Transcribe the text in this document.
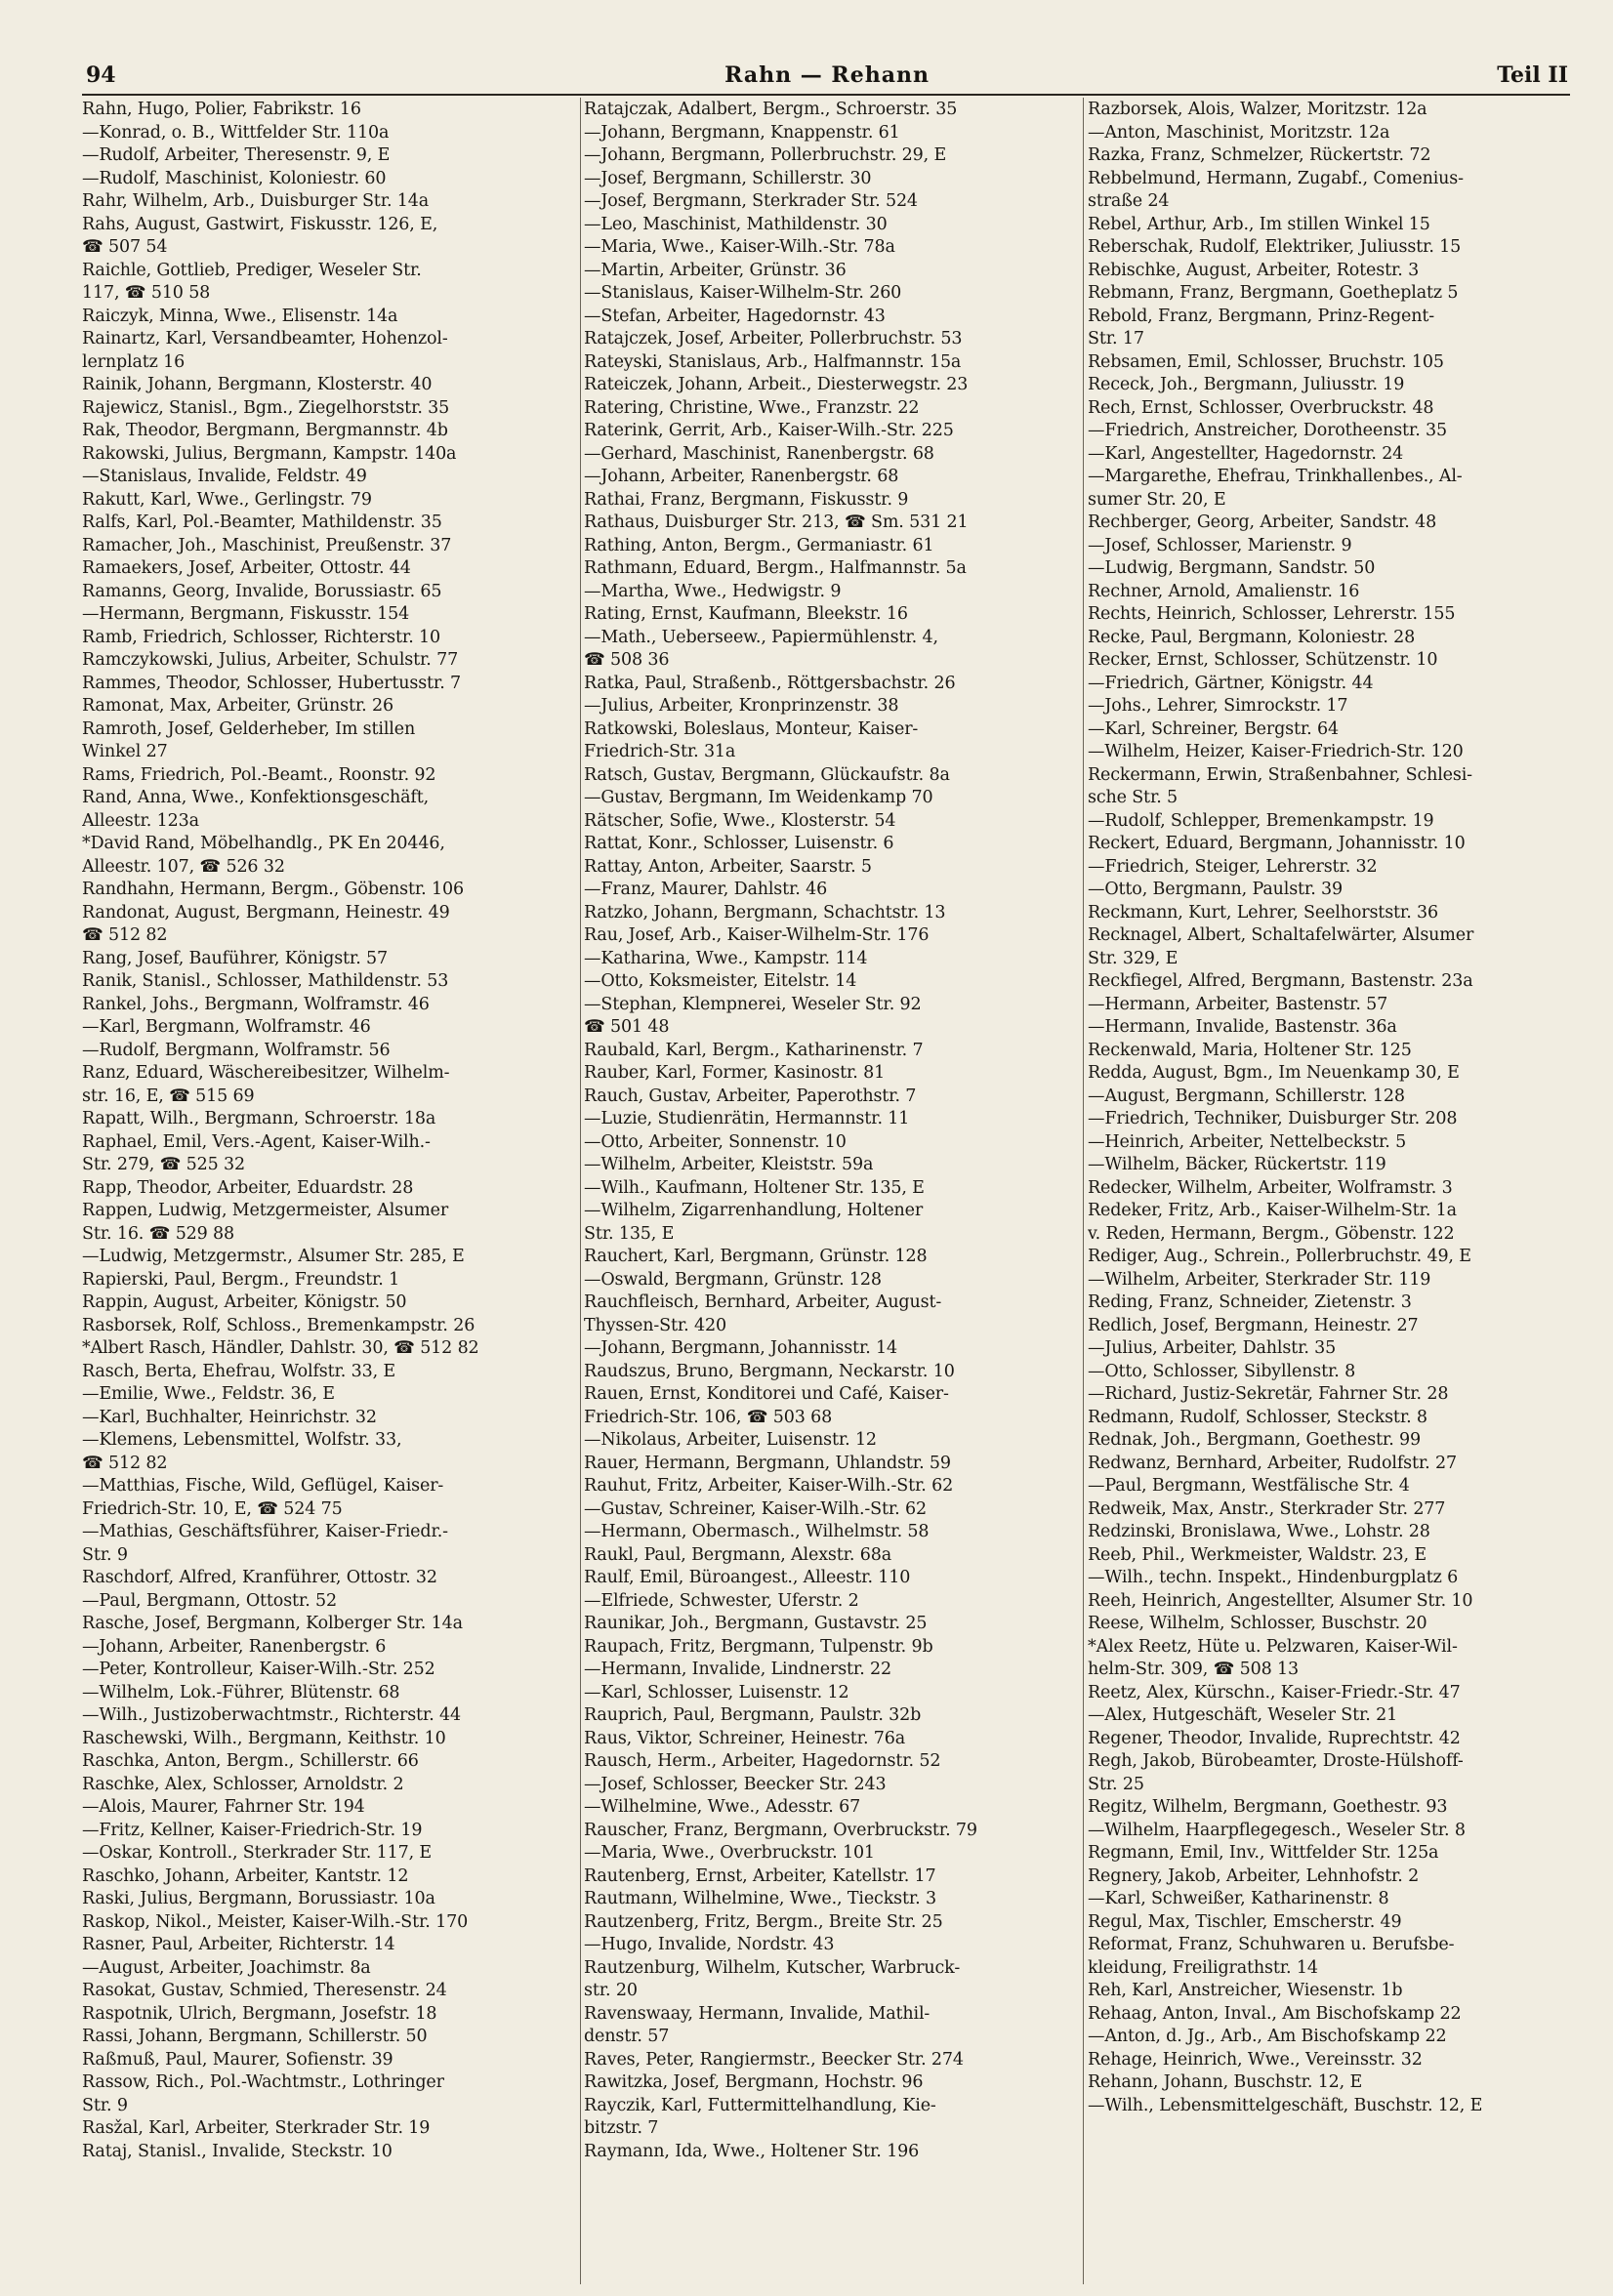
94	Rahn — Rehann	Teil II
Rahn, Hugo, Polier, Fabrikstr. 16
—Konrad, o. B., Wittfelder Str. 110a
—Rudolf, Arbeiter, Theresenstr. 9, E
—Rudolf, Maschinist, Koloniestr. 60
Rahr, Wilhelm, Arb., Duisburger Str. 14a
Rahs, August, Gastwirt, Fiskusstr. 126, E,
☎ 507 54
Raichle, Gottlieb, Prediger, Weseler Str.
117, ☎ 510 58
Raiczyk, Minna, Wwe., Elisenstr. 14a
Rainartz, Karl, Versandbeamter, Hohenzol-
lernplatz 16
Rainik, Johann, Bergmann, Klosterstr. 40
Rajewicz, Stanisl., Bgm., Ziegelhorststr. 35
Rak, Theodor, Bergmann, Bergmannstr. 4b
Rakowski, Julius, Bergmann, Kampstr. 140a
—Stanislaus, Invalide, Feldstr. 49
Rakutt, Karl, Wwe., Gerlingstr. 79
Ralfs, Karl, Pol.-Beamter, Mathildenstr. 35
Ramacher, Joh., Maschinist, Preußenstr. 37
Ramaekers, Josef, Arbeiter, Ottostr. 44
Ramanns, Georg, Invalide, Borussiastr. 65
—Hermann, Bergmann, Fiskusstr. 154
Ramb, Friedrich, Schlosser, Richterstr. 10
Ramczykowski, Julius, Arbeiter, Schulstr. 77
Rammes, Theodor, Schlosser, Hubertusstr. 7
Ramonat, Max, Arbeiter, Grünstr. 26
Ramroth, Josef, Gelderheber, Im stillen
Winkel 27
Rams, Friedrich, Pol.-Beamt., Roonstr. 92
Rand, Anna, Wwe., Konfektionsgeschäft,
Alleestr. 123a
*David Rand, Möbelhandlg., PK En 20446,
Alleestr. 107, ☎ 526 32
Randhahn, Hermann, Bergm., Göbenstr. 106
Randonat, August, Bergmann, Heinestr. 49
☎ 512 82
Rang, Josef, Bauführer, Königstr. 57
Ranik, Stanisl., Schlosser, Mathildenstr. 53
Rankel, Johs., Bergmann, Wolframstr. 46
—Karl, Bergmann, Wolframstr. 46
—Rudolf, Bergmann, Wolframstr. 56
Ranz, Eduard, Wäschereibesitzer, Wilhelm-
str. 16, E, ☎ 515 69
Rapatt, Wilh., Bergmann, Schroerstr. 18a
Raphael, Emil, Vers.-Agent, Kaiser-Wilh.-
Str. 279, ☎ 525 32
Rapp, Theodor, Arbeiter, Eduardstr. 28
Rappen, Ludwig, Metzgermeister, Alsumer
Str. 16. ☎ 529 88
—Ludwig, Metzgermstr., Alsumer Str. 285, E
Rapierski, Paul, Bergm., Freundstr. 1
Rappin, August, Arbeiter, Königstr. 50
Rasborsek, Rolf, Schloss., Bremenkampstr. 26
*Albert Rasch, Händler, Dahlstr. 30, ☎ 512 82
Rasch, Berta, Ehefrau, Wolfstr. 33, E
—Emilie, Wwe., Feldstr. 36, E
—Karl, Buchhalter, Heinrichstr. 32
—Klemens, Lebensmittel, Wolfstr. 33,
☎ 512 82
—Matthias, Fische, Wild, Geflügel, Kaiser-
Friedrich-Str. 10, E, ☎ 524 75
—Mathias, Geschäftsführer, Kaiser-Friedr.-
Str. 9
Raschdorf, Alfred, Kranführer, Ottostr. 32
—Paul, Bergmann, Ottostr. 52
Rasche, Josef, Bergmann, Kolberger Str. 14a
—Johann, Arbeiter, Ranenbergstr. 6
—Peter, Kontrolleur, Kaiser-Wilh.-Str. 252
—Wilhelm, Lok.-Führer, Blütenstr. 68
—Wilh., Justizoberwachtmstr., Richterstr. 44
Raschewski, Wilh., Bergmann, Keithstr. 10
Raschka, Anton, Bergm., Schillerstr. 66
Raschke, Alex, Schlosser, Arnoldstr. 2
—Alois, Maurer, Fahrner Str. 194
—Fritz, Kellner, Kaiser-Friedrich-Str. 19
—Oskar, Kontroll., Sterkrader Str. 117, E
Raschko, Johann, Arbeiter, Kantstr. 12
Raski, Julius, Bergmann, Borussiastr. 10a
Raskop, Nikol., Meister, Kaiser-Wilh.-Str. 170
Rasner, Paul, Arbeiter, Richterstr. 14
—August, Arbeiter, Joachimstr. 8a
Rasokat, Gustav, Schmied, Theresenstr. 24
Raspotnik, Ulrich, Bergmann, Josefstr. 18
Rassi, Johann, Bergmann, Schillerstr. 50
Raßmuß, Paul, Maurer, Sofienstr. 39
Rassow, Rich., Pol.-Wachtmstr., Lothringer
Str. 9
Rasžal, Karl, Arbeiter, Sterkrader Str. 19
Rataj, Stanisl., Invalide, Steckstr. 10
Ratajczak, Adalbert, Bergm., Schroerstr. 35
—Johann, Bergmann, Knappenstr. 61
—Johann, Bergmann, Pollerbruchstr. 29, E
—Josef, Bergmann, Schillerstr. 30
—Josef, Bergmann, Sterkrader Str. 524
—Leo, Maschinist, Mathildenstr. 30
—Maria, Wwe., Kaiser-Wilh.-Str. 78a
—Martin, Arbeiter, Grünstr. 36
—Stanislaus, Kaiser-Wilhelm-Str. 260
—Stefan, Arbeiter, Hagedornstr. 43
Ratajczek, Josef, Arbeiter, Pollerbruchstr. 53
Rateyski, Stanislaus, Arb., Halfmannstr. 15a
Rateiczek, Johann, Arbeit., Diesterwegstr. 23
Ratering, Christine, Wwe., Franzstr. 22
Raterink, Gerrit, Arb., Kaiser-Wilh.-Str. 225
—Gerhard, Maschinist, Ranenbergstr. 68
—Johann, Arbeiter, Ranenbergstr. 68
Rathai, Franz, Bergmann, Fiskusstr. 9
Rathaus, Duisburger Str. 213, ☎ Sm. 531 21
Rathing, Anton, Bergm., Germaniastr. 61
Rathmann, Eduard, Bergm., Halfmannstr. 5a
—Martha, Wwe., Hedwigstr. 9
Rating, Ernst, Kaufmann, Bleekstr. 16
—Math., Ueberseew., Papiermühlenstr. 4,
☎ 508 36
Ratka, Paul, Straßenb., Röttgersbachstr. 26
—Julius, Arbeiter, Kronprinzenstr. 38
Ratkowski, Boleslaus, Monteur, Kaiser-
Friedrich-Str. 31a
Ratsch, Gustav, Bergmann, Glückaufstr. 8a
—Gustav, Bergmann, Im Weidenkamp 70
Rätscher, Sofie, Wwe., Klosterstr. 54
Rattat, Konr., Schlosser, Luisenstr. 6
Rattay, Anton, Arbeiter, Saarstr. 5
—Franz, Maurer, Dahlstr. 46
Ratzko, Johann, Bergmann, Schachtstr. 13
Rau, Josef, Arb., Kaiser-Wilhelm-Str. 176
—Katharina, Wwe., Kampstr. 114
—Otto, Koksmeister, Eitelstr. 14
—Stephan, Klempnerei, Weseler Str. 92
☎ 501 48
Raubald, Karl, Bergm., Katharinenstr. 7
Rauber, Karl, Former, Kasinostr. 81
Rauch, Gustav, Arbeiter, Paperothstr. 7
—Luzie, Studienrätin, Hermannstr. 11
—Otto, Arbeiter, Sonnenstr. 10
—Wilhelm, Arbeiter, Kleiststr. 59a
—Wilh., Kaufmann, Holtener Str. 135, E
—Wilhelm, Zigarrenhandlung, Holtener
Str. 135, E
Rauchert, Karl, Bergmann, Grünstr. 128
—Oswald, Bergmann, Grünstr. 128
Rauchfleisch, Bernhard, Arbeiter, August-
Thyssen-Str. 420
—Johann, Bergmann, Johannisstr. 14
Raudszus, Bruno, Bergmann, Neckarstr. 10
Rauen, Ernst, Konditorei und Café, Kaiser-
Friedrich-Str. 106, ☎ 503 68
—Nikolaus, Arbeiter, Luisenstr. 12
Rauer, Hermann, Bergmann, Uhlandstr. 59
Rauhut, Fritz, Arbeiter, Kaiser-Wilh.-Str. 62
—Gustav, Schreiner, Kaiser-Wilh.-Str. 62
—Hermann, Obermasch., Wilhelmstr. 58
Raukl, Paul, Bergmann, Alexstr. 68a
Raulf, Emil, Büroangest., Alleestr. 110
—Elfriede, Schwester, Uferstr. 2
Raunikar, Joh., Bergmann, Gustavstr. 25
Raupach, Fritz, Bergmann, Tulpenstr. 9b
—Hermann, Invalide, Lindnerstr. 22
—Karl, Schlosser, Luisenstr. 12
Rauprich, Paul, Bergmann, Paulstr. 32b
Raus, Viktor, Schreiner, Heinestr. 76a
Rausch, Herm., Arbeiter, Hagedornstr. 52
—Josef, Schlosser, Beecker Str. 243
—Wilhelmine, Wwe., Adesstr. 67
Rauscher, Franz, Bergmann, Overbruckstr. 79
—Maria, Wwe., Overbruckstr. 101
Rautenberg, Ernst, Arbeiter, Katellstr. 17
Rautmann, Wilhelmine, Wwe., Tieckstr. 3
Rautzenberg, Fritz, Bergm., Breite Str. 25
—Hugo, Invalide, Nordstr. 43
Rautzenburg, Wilhelm, Kutscher, Warbruck-
str. 20
Ravenswaay, Hermann, Invalide, Mathil-
denstr. 57
Raves, Peter, Rangiermstr., Beecker Str. 274
Rawitzka, Josef, Bergmann, Hochstr. 96
Rayczik, Karl, Futtermittelhandlung, Kie-
bitzstr. 7
Raymann, Ida, Wwe., Holtener Str. 196
Razborsek, Alois, Walzer, Moritzstr. 12a
—Anton, Maschinist, Moritzstr. 12a
Razka, Franz, Schmelzer, Rückertstr. 72
Rebbelmund, Hermann, Zugabf., Comenius-
straße 24
Rebel, Arthur, Arb., Im stillen Winkel 15
Reberschak, Rudolf, Elektriker, Juliusstr. 15
Rebischke, August, Arbeiter, Rotestr. 3
Rebmann, Franz, Bergmann, Goetheplatz 5
Rebold, Franz, Bergmann, Prinz-Regent-
Str. 17
Rebsamen, Emil, Schlosser, Bruchstr. 105
Receck, Joh., Bergmann, Juliusstr. 19
Rech, Ernst, Schlosser, Overbruckstr. 48
—Friedrich, Anstreicher, Dorotheenstr. 35
—Karl, Angestellter, Hagedornstr. 24
—Margarethe, Ehefrau, Trinkhallenbes., Al-
sumer Str. 20, E
Rechberger, Georg, Arbeiter, Sandstr. 48
—Josef, Schlosser, Marienstr. 9
—Ludwig, Bergmann, Sandstr. 50
Rechner, Arnold, Amalienstr. 16
Rechts, Heinrich, Schlosser, Lehrerstr. 155
Recke, Paul, Bergmann, Koloniestr. 28
Recker, Ernst, Schlosser, Schützenstr. 10
—Friedrich, Gärtner, Königstr. 44
—Johs., Lehrer, Simrockstr. 17
—Karl, Schreiner, Bergstr. 64
—Wilhelm, Heizer, Kaiser-Friedrich-Str. 120
Reckermann, Erwin, Straßenbahner, Schlesi-
sche Str. 5
—Rudolf, Schlepper, Bremenkampstr. 19
Reckert, Eduard, Bergmann, Johannisstr. 10
—Friedrich, Steiger, Lehrerstr. 32
—Otto, Bergmann, Paulstr. 39
Reckmann, Kurt, Lehrer, Seelhorststr. 36
Recknagel, Albert, Schaltafelwärter, Alsumer
Str. 329, E
Reckfiegel, Alfred, Bergmann, Bastenstr. 23a
—Hermann, Arbeiter, Bastenstr. 57
—Hermann, Invalide, Bastenstr. 36a
Reckenwald, Maria, Holtener Str. 125
Redda, August, Bgm., Im Neuenkamp 30, E
—August, Bergmann, Schillerstr. 128
—Friedrich, Techniker, Duisburger Str. 208
—Heinrich, Arbeiter, Nettelbeckstr. 5
—Wilhelm, Bäcker, Rückertstr. 119
Redecker, Wilhelm, Arbeiter, Wolframstr. 3
Redeker, Fritz, Arb., Kaiser-Wilhelm-Str. 1a
v. Reden, Hermann, Bergm., Göbenstr. 122
Rediger, Aug., Schrein., Pollerbruchstr. 49, E
—Wilhelm, Arbeiter, Sterkrader Str. 119
Reding, Franz, Schneider, Zietenstr. 3
Redlich, Josef, Bergmann, Heinestr. 27
—Julius, Arbeiter, Dahlstr. 35
—Otto, Schlosser, Sibyllenstr. 8
—Richard, Justiz-Sekretär, Fahrner Str. 28
Redmann, Rudolf, Schlosser, Steckstr. 8
Rednak, Joh., Bergmann, Goethestr. 99
Redwanz, Bernhard, Arbeiter, Rudolfstr. 27
—Paul, Bergmann, Westfälische Str. 4
Redweik, Max, Anstr., Sterkrader Str. 277
Redzinski, Bronislawa, Wwe., Lohstr. 28
Reeb, Phil., Werkmeister, Waldstr. 23, E
—Wilh., techn. Inspekt., Hindenburgplatz 6
Reeh, Heinrich, Angestellter, Alsumer Str. 10
Reese, Wilhelm, Schlosser, Buschstr. 20
*Alex Reetz, Hüte u. Pelzwaren, Kaiser-Wil-
helm-Str. 309, ☎ 508 13
Reetz, Alex, Kürschn., Kaiser-Friedr.-Str. 47
—Alex, Hutgeschäft, Weseler Str. 21
Regener, Theodor, Invalide, Ruprechtstr. 42
Regh, Jakob, Bürobeamter, Droste-Hülshoff-
Str. 25
Regitz, Wilhelm, Bergmann, Goethestr. 93
—Wilhelm, Haarpflegegesch., Weseler Str. 8
Regmann, Emil, Inv., Wittfelder Str. 125a
Regnery, Jakob, Arbeiter, Lehnhofstr. 2
—Karl, Schweißer, Katharinenstr. 8
Regul, Max, Tischler, Emscherstr. 49
Reformat, Franz, Schuhwaren u. Berufsbe-
kleidung, Freiligrathstr. 14
Reh, Karl, Anstreicher, Wiesenstr. 1b
Rehaag, Anton, Inval., Am Bischofskamp 22
—Anton, d. Jg., Arb., Am Bischofskamp 22
Rehage, Heinrich, Wwe., Vereinsstr. 32
Rehann, Johann, Buschstr. 12, E
—Wilh., Lebensmittelgeschäft, Buschstr. 12, E
